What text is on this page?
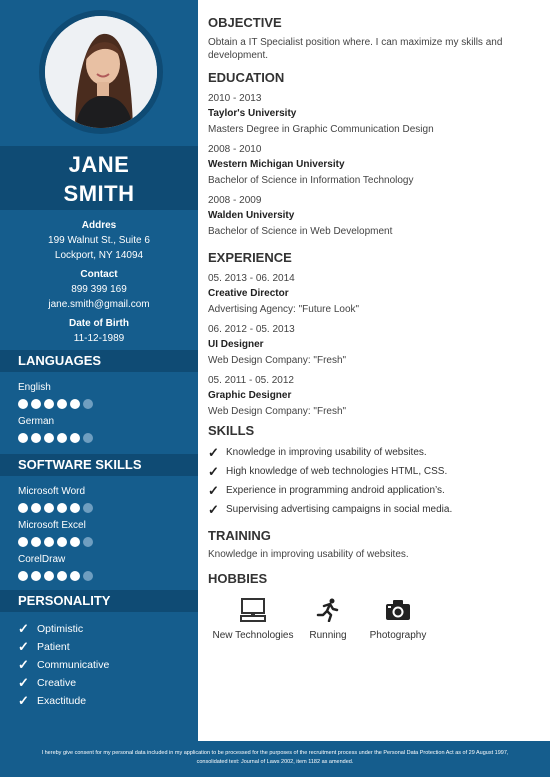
JANE
SMITH
Addres
199 Walnut St., Suite 6
Lockport, NY 14094
Contact
899 399 169
jane.smith@gmail.com
Date of Birth
11-12-1989
LANGUAGES
English
German
SOFTWARE SKILLS
Microsoft Word
Microsoft Excel
CorelDraw
PERSONALITY
✓ Optimistic
✓ Patient
✓ Communicative
✓ Creative
✓ Exactitude
OBJECTIVE
Obtain a IT Specialist position where. I can maximize my skills and development.
EDUCATION
2010 - 2013
Taylor's University
Masters Degree in Graphic Communication Design
2008 - 2010
Western Michigan University
Bachelor of Science in Information Technology
2008 - 2009
Walden University
Bachelor of Science in Web Development
EXPERIENCE
05. 2013 - 06. 2014
Creative Director
Advertising Agency: "Future Look"
06. 2012 - 05. 2013
UI Designer
Web Design Company: "Fresh"
05. 2011 - 05. 2012
Graphic Designer
Web Design Company: "Fresh"
SKILLS
✓ Knowledge in improving usability of websites.
✓ High knowledge of web technologies HTML, CSS.
✓ Experience in programming android application’s.
✓ Supervising advertising campaigns in social media.
TRAINING
Knowledge in improving usability of websites.
HOBBIES
New Technologies	Running	Photography
I hereby give consent for my personal data included in my application to be processed for the purposes of the recruitment process under the Personal Data Protection Act as of 29 August 1997, consolidated text: Journal of Laws 2002, item 1182 as amended.
